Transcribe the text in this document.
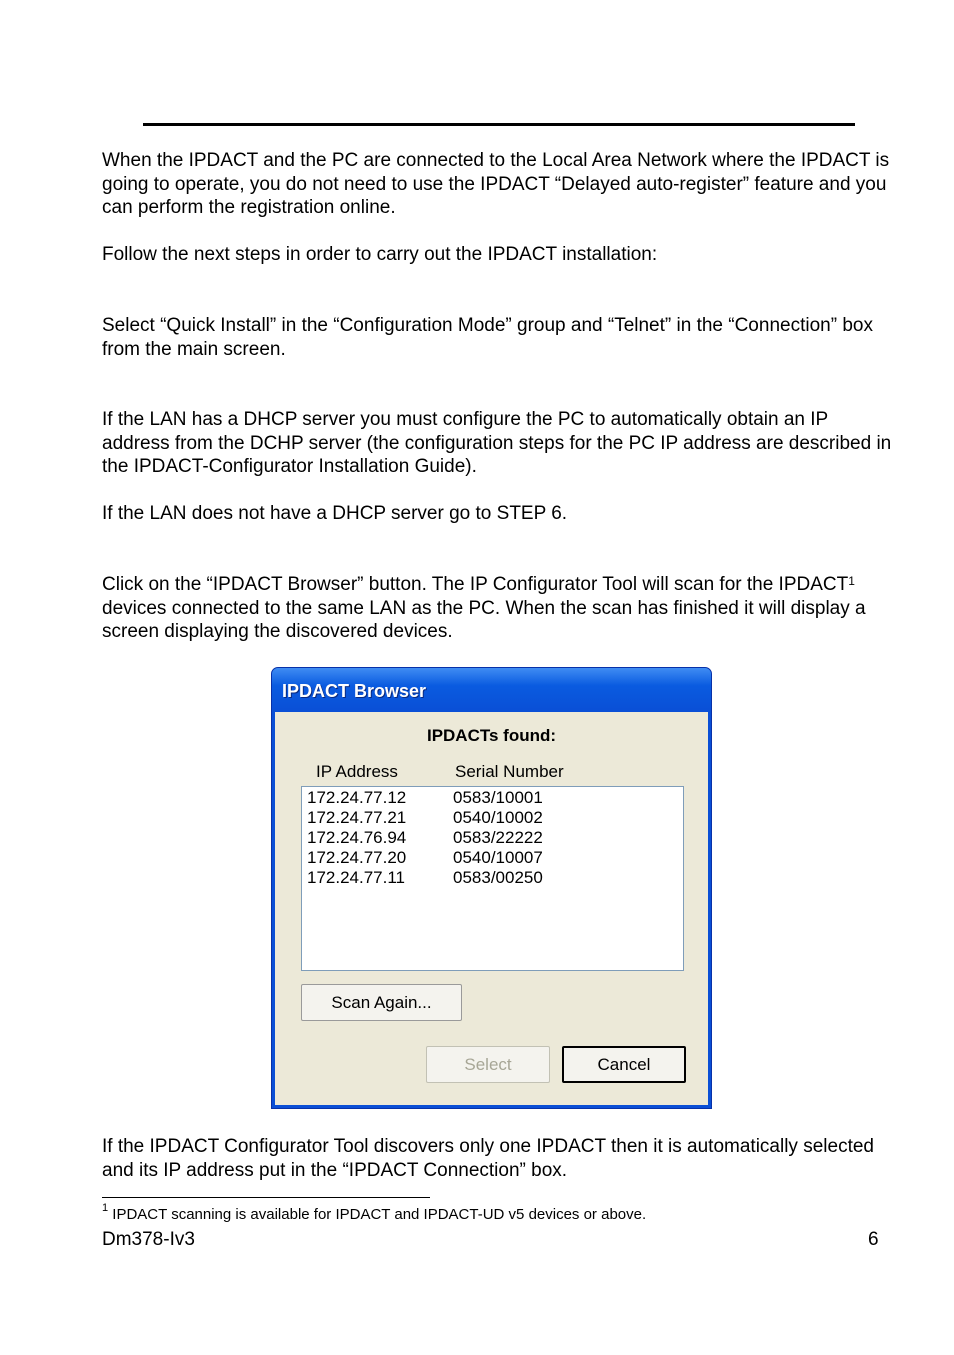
When the IPDACT and the PC are connected to the Local Area Network where the IPDACT is going to operate, you do not need to use the IPDACT “Delayed auto-register” feature and you can perform the registration online.

Follow the next steps in order to carry out the IPDACT installation:

Select “Quick Install” in the “Configuration Mode” group and “Telnet” in the “Connection” box from the main screen.

If the LAN has a DHCP server you must configure the PC to automatically obtain an IP address from the DCHP server (the configuration steps for the PC IP address are described in the IPDACT-Configurator Installation Guide).

If the LAN does not have a DHCP server go to STEP 6.

Click on the “IPDACT Browser” button. The IP Configurator Tool will scan for the IPDACT$^1$ devices connected to the same LAN as the PC. When the scan has finished it will display a screen displaying the discovered devices.

IPDACT Browser
IPDACTs found:
IP Address	Serial Number
172.24.77.12	0583/10001
172.24.77.21	0540/10002
172.24.76.94	0583/22222
172.24.77.20	0540/10007
172.24.77.11	0583/00250
Scan Again...
Select	Cancel

If the IPDACT Configurator Tool discovers only one IPDACT then it is automatically selected and its IP address put in the “IPDACT Connection” box.

$^1$ IPDACT scanning is available for IPDACT and IPDACT-UD v5 devices or above.
Dm378-Iv3	6
